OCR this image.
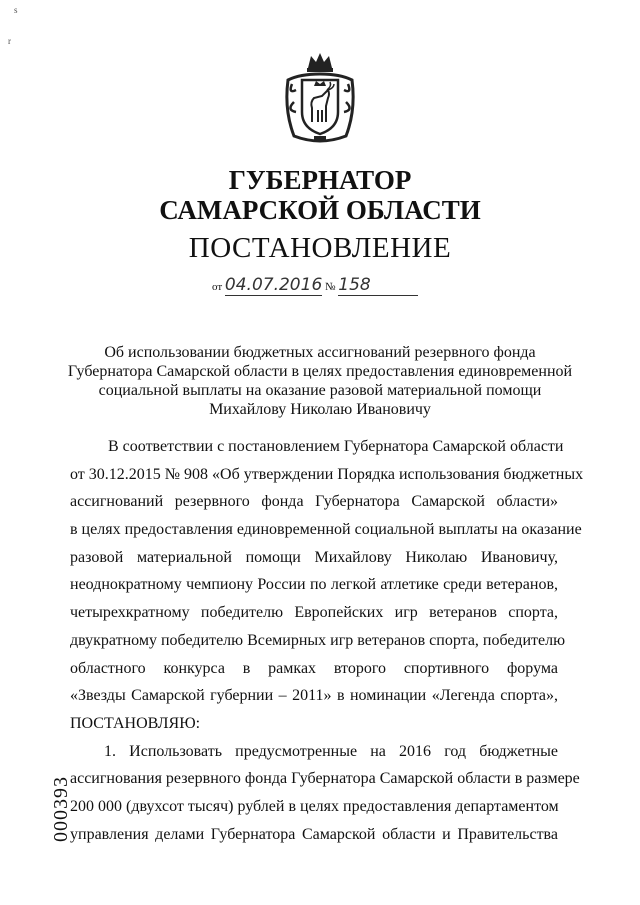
s
r
ГУБЕРНАТОР
САМАРСКОЙ ОБЛАСТИ
ПОСТАНОВЛЕНИЕ
от 04.07.2016 № 158
Об использовании бюджетных ассигнований резервного фонда
Губернатора Самарской области в целях предоставления единовременной
социальной выплаты на оказание разовой материальной помощи
Михайлову Николаю Ивановичу
В соответствии с постановлением Губернатора Самарской области
от 30.12.2015 № 908 «Об утверждении Порядка использования бюджетных
ассигнований резервного фонда Губернатора Самарской области»
в целях предоставления единовременной социальной выплаты на оказание
разовой материальной помощи Михайлову Николаю Ивановичу,
неоднократному чемпиону России по легкой атлетике среди ветеранов,
четырехкратному победителю Европейских игр ветеранов спорта,
двукратному победителю Всемирных игр ветеранов спорта, победителю
областного конкурса в рамках второго спортивного форума
«Звезды Самарской губернии – 2011» в номинации «Легенда спорта»,
ПОСТАНОВЛЯЮ:
1. Использовать предусмотренные на 2016 год бюджетные
ассигнования резервного фонда Губернатора Самарской области в размере
200 000 (двухсот тысяч) рублей в целях предоставления департаментом
управления делами Губернатора Самарской области и Правительства
000393
